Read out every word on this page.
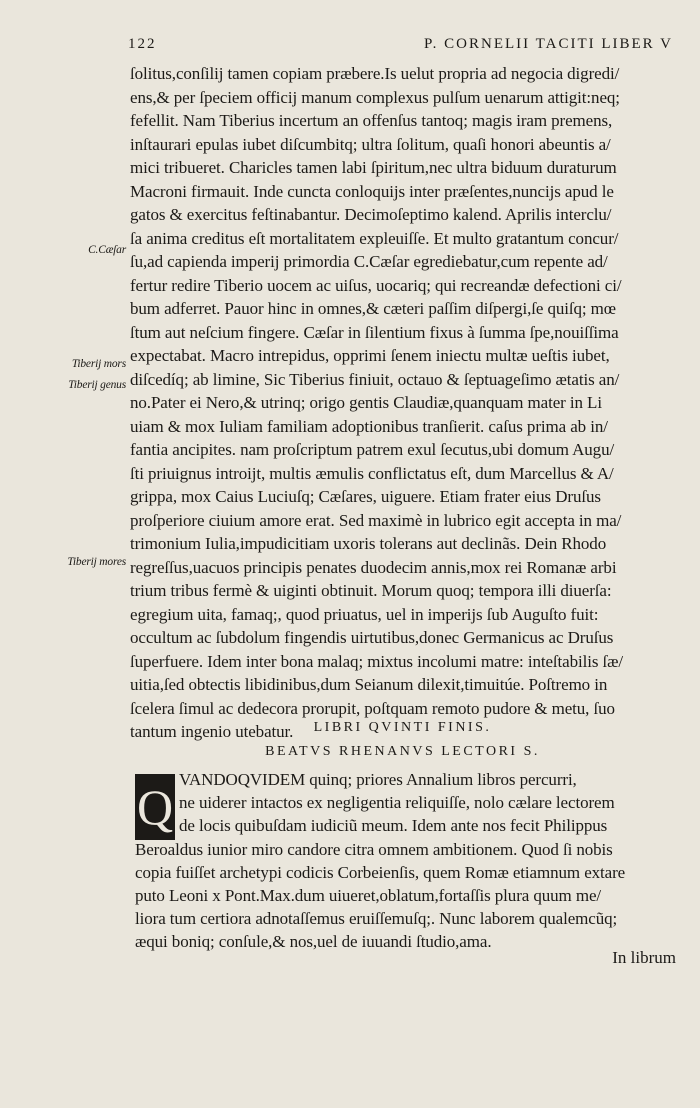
122	P. CORNELII TACITI LIBER V
C.Cæſar
Tiberij mors
Tiberij genus
Tiberij mores
ſolitus,conſilij tamen copiam præbere.Is uelut propria ad negocia digredi/
ens,& per ſpeciem officij manum complexus pulſum uenarum attigit:neq;
fefellit. Nam Tiberius incertum an offenſus tantoq; magis iram premens,
inſtaurari epulas iubet diſcumbitq; ultra ſolitum, quaſi honori abeuntis a/
mici tribueret. Charicles tamen labi ſpiritum,nec ultra biduum duraturum
Macroni firmauit. Inde cuncta conloquijs inter præſentes,nuncijs apud le
gatos & exercitus feſtinabantur. Decimoſeptimo kalend. Aprilis interclu/
ſa anima creditus eſt mortalitatem expleuiſſe. Et multo gratantum concur/
ſu,ad capienda imperij primordia C.Cæſar egrediebatur,cum repente ad/
fertur redire Tiberio uocem ac uiſus, uocariq; qui recreandæ defectioni ci/
bum adferret. Pauor hinc in omnes,& cæteri paſſim diſpergi,ſe quiſq; mœ
ſtum aut neſcium fingere. Cæſar in ſilentium fixus à ſumma ſpe,nouiſſima
expectabat. Macro intrepidus, opprimi ſenem iniectu multæ ueſtis iubet,
diſcedíq; ab limine, Sic Tiberius finiuit, octauo & ſeptuageſimo ætatis an/
no.Pater ei Nero,& utrinq; origo gentis Claudiæ,quanquam mater in Li
uiam & mox Iuliam familiam adoptionibus tranſierit. caſus prima ab in/
fantia ancipites. nam proſcriptum patrem exul ſecutus,ubi domum Augu/
ſti priuignus introijt, multis æmulis conflictatus eſt, dum Marcellus & A/
grippa, mox Caius Luciuſq; Cæſares, uiguere. Etiam frater eius Druſus
proſperiore ciuium amore erat. Sed maximè in lubrico egit accepta in ma/
trimonium Iulia,impudicitiam uxoris tolerans aut declinãs. Dein Rhodo
regreſſus,uacuos principis penates duodecim annis,mox rei Romanæ arbi
trium tribus fermè & uiginti obtinuit. Morum quoq; tempora illi diuerſa:
egregium uita, famaq;, quod priuatus, uel in imperijs ſub Auguſto fuit:
occultum ac ſubdolum fingendis uirtutibus,donec Germanicus ac Druſus
ſuperfuere. Idem inter bona malaq; mixtus incolumi matre: inteſtabilis ſæ/
uitia,ſed obtectis libidinibus,dum Seianum dilexit,timuitúe. Poſtremo in
ſcelera ſimul ac dedecora prorupit, poſtquam remoto pudore & metu, ſuo
tantum ingenio utebatur.	LIBRI QVINTI FINIS.
BEATVS RHENANVS LECTORI S.
Q VANDOQVIDEM quinq; priores Annalium libros percurri,
ne uiderer intactos ex negligentia reliquiſſe, nolo cælare lectorem
de locis quibuſdam iudiciũ meum. Idem ante nos fecit Philippus
Beroaldus iunior miro candore citra omnem ambitionem. Quod ſi nobis
copia fuiſſet archetypi codicis Corbeienſis, quem Romæ etiamnum extare
puto Leoni x Pont.Max.dum uiueret,oblatum,fortaſſis plura quum me/
liora tum certiora adnotaſſemus eruiſſemuſq;. Nunc laborem qualemcũq;
æqui boniq; conſule,& nos,uel de iuuandi ſtudio,ama.
In librum
